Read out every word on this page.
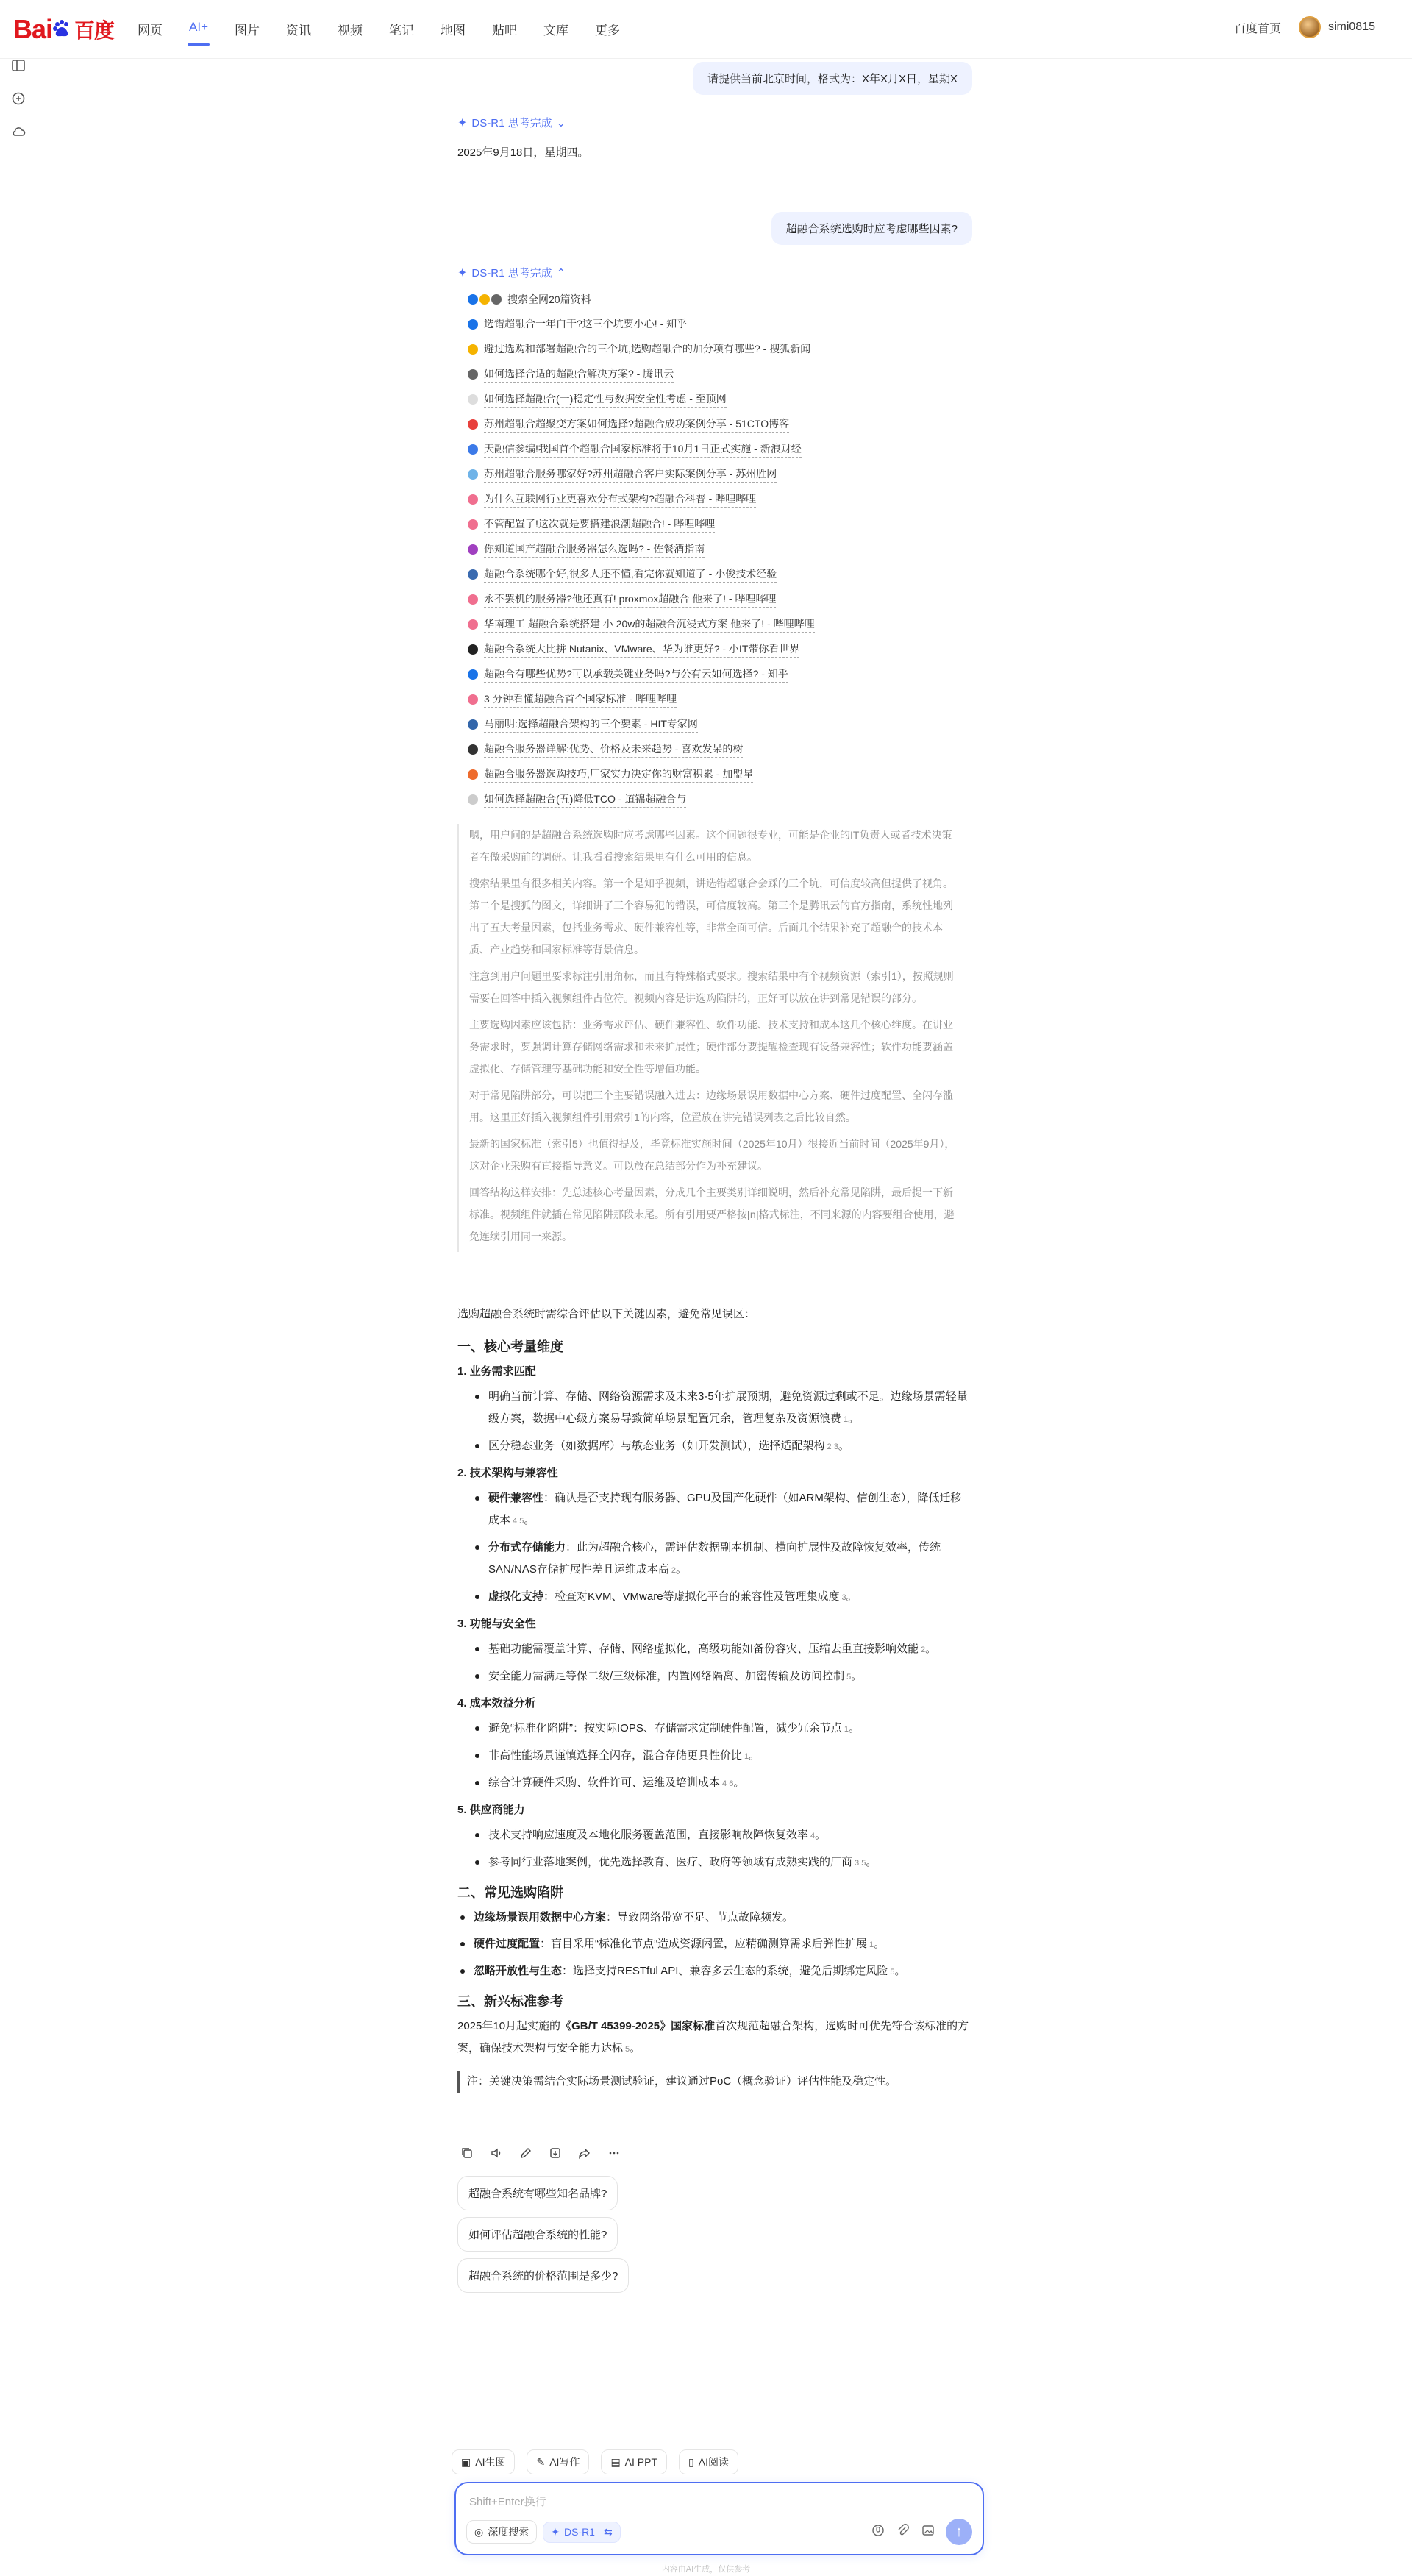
Bai 百度 网页 AI+ 图片 资讯 视频 笔记 地图 贴吧 文库 更多	百度首页	simi0815
请提供当前北京时间，格式为：X年X月X日，星期X
✦ DS-R1 思考完成 ⌄
2025年9月18日，星期四。
超融合系统选购时应考虑哪些因素?
✦ DS-R1 思考完成 ⌃
搜索全网20篇资料
选错超融合一年白干?这三个坑要小心! - 知乎
避过选购和部署超融合的三个坑,选购超融合的加分项有哪些? - 搜狐新闻
如何选择合适的超融合解决方案? - 腾讯云
如何选择超融合(一)稳定性与数据安全性考虑 - 至顶网
苏州超融合超聚变方案如何选择?超融合成功案例分享 - 51CTO博客
天融信参编!我国首个超融合国家标准将于10月1日正式实施 - 新浪财经
苏州超融合服务哪家好?苏州超融合客户实际案例分享 - 苏州胜网
为什么互联网行业更喜欢分布式架构?超融合科普 - 哔哩哔哩
不管配置了!这次就是要搭建浪潮超融合! - 哔哩哔哩
你知道国产超融合服务器怎么选吗? - 佐餐酒指南
超融合系统哪个好,很多人还不懂,看完你就知道了 - 小俊技术经验
永不罢机的服务器?他还真有! proxmox超融合 他来了! - 哔哩哔哩
华南理工 超融合系统搭建 小 20w的超融合沉浸式方案 他来了! - 哔哩哔哩
超融合系统大比拼 Nutanix、VMware、华为谁更好? - 小IT带你看世界
超融合有哪些优势?可以承载关键业务吗?与公有云如何选择? - 知乎
3 分钟看懂超融合首个国家标准 - 哔哩哔哩
马丽明:选择超融合架构的三个要素 - HIT专家网
超融合服务器详解:优势、价格及未来趋势 - 喜欢发呆的树
超融合服务器选购技巧,厂家实力决定你的财富积累 - 加盟星
如何选择超融合(五)降低TCO - 道锦超融合与

嗯，用户问的是超融合系统选购时应考虑哪些因素。这个问题很专业，可能是企业的IT负责人或者技术决策者在做采购前的调研。让我看看搜索结果里有什么可用的信息。

搜索结果里有很多相关内容。第一个是知乎视频，讲选错超融合会踩的三个坑，可信度较高但提供了视角。第二个是搜狐的图文，详细讲了三个容易犯的错误，可信度较高。第三个是腾讯云的官方指南，系统性地列出了五大考量因素，包括业务需求、硬件兼容性等，非常全面可信。后面几个结果补充了超融合的技术本质、产业趋势和国家标准等背景信息。

注意到用户问题里要求标注引用角标，而且有特殊格式要求。搜索结果中有个视频资源（索引1），按照规则需要在回答中插入视频组件占位符。视频内容是讲选购陷阱的，正好可以放在讲到常见错误的部分。

主要选购因素应该包括：业务需求评估、硬件兼容性、软件功能、技术支持和成本这几个核心维度。在讲业务需求时，要强调计算存储网络需求和未来扩展性；硬件部分要提醒检查现有设备兼容性；软件功能要涵盖虚拟化、存储管理等基础功能和安全性等增值功能。

对于常见陷阱部分，可以把三个主要错误融入进去：边缘场景误用数据中心方案、硬件过度配置、全闪存滥用。这里正好插入视频组件引用索引1的内容，位置放在讲完错误列表之后比较自然。

最新的国家标准（索引5）也值得提及，毕竟标准实施时间（2025年10月）很接近当前时间（2025年9月），这对企业采购有直接指导意义。可以放在总结部分作为补充建议。

回答结构这样安排：先总述核心考量因素，分成几个主要类别详细说明，然后补充常见陷阱，最后提一下新标准。视频组件就插在常见陷阱那段末尾。所有引用要严格按[n]格式标注，不同来源的内容要组合使用，避免连续引用同一来源。

选购超融合系统时需综合评估以下关键因素，避免常见误区：

一、核心考量维度
1. 业务需求匹配
明确当前计算、存储、网络资源需求及未来3-5年扩展预期，避免资源过剩或不足。边缘场景需轻量级方案，数据中心级方案易导致简单场景配置冗余，管理复杂及资源浪费 1。
区分稳态业务（如数据库）与敏态业务（如开发测试），选择适配架构 2 3。
2. 技术架构与兼容性
硬件兼容性：确认是否支持现有服务器、GPU及国产化硬件（如ARM架构、信创生态），降低迁移成本 4 5。
分布式存储能力：此为超融合核心，需评估数据副本机制、横向扩展性及故障恢复效率，传统SAN/NAS存储扩展性差且运维成本高 2。
虚拟化支持：检查对KVM、VMware等虚拟化平台的兼容性及管理集成度 3。
3. 功能与安全性
基础功能需覆盖计算、存储、网络虚拟化，高级功能如备份容灾、压缩去重直接影响效能 2。
安全能力需满足等保二级/三级标准，内置网络隔离、加密传输及访问控制 5。
4. 成本效益分析
避免“标准化陷阱”：按实际IOPS、存储需求定制硬件配置，减少冗余节点 1。
非高性能场景谨慎选择全闪存，混合存储更具性价比 1。
综合计算硬件采购、软件许可、运维及培训成本 4 6。
5. 供应商能力
技术支持响应速度及本地化服务覆盖范围，直接影响故障恢复效率 4。
参考同行业落地案例，优先选择教育、医疗、政府等领域有成熟实践的厂商 3 5。
二、常见选购陷阱
边缘场景误用数据中心方案：导致网络带宽不足、节点故障频发。
硬件过度配置：盲目采用“标准化节点”造成资源闲置，应精确测算需求后弹性扩展 1。
忽略开放性与生态：选择支持RESTful API、兼容多云生态的系统，避免后期绑定风险 5。
三、新兴标准参考

2025年10月起实施的《GB/T 45399-2025》国家标准首次规范超融合架构，选购时可优先符合该标准的方案，确保技术架构与安全能力达标 5。

注：关键决策需结合实际场景测试验证，建议通过PoC（概念验证）评估性能及稳定性。

超融合系统有哪些知名品牌?
如何评估超融合系统的性能?
超融合系统的价格范围是多少?
▣ AI生图	✎ AI写作	▤ AI PPT	▯ AI阅读
Shift+Enter换行
◎ 深度搜索 ✦ DS-R1 ⇆	↑
内容由AI生成，仅供参考
